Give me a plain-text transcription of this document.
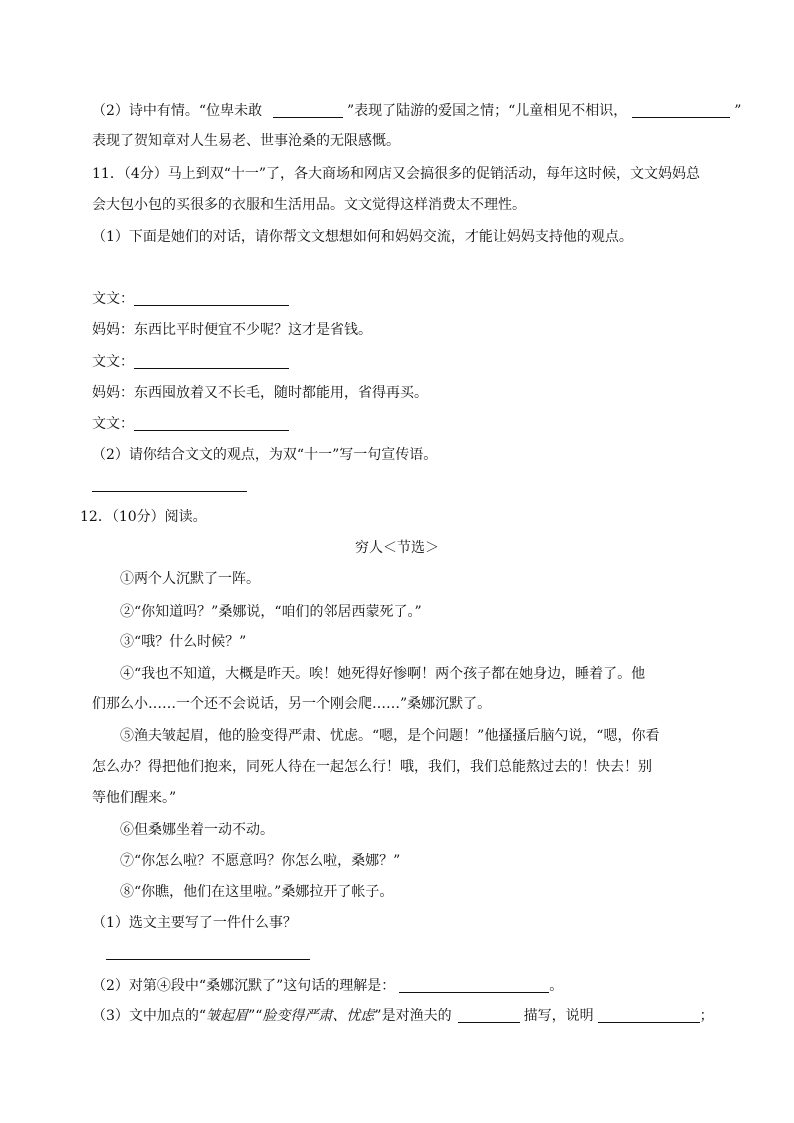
（2）诗中有情。“位卑未敢	”表现了陆游的爱国之情；“儿童相见不相识，	”
表现了贺知章对人生易老、世事沧桑的无限感慨。
11．（4分）马上到双“十一”了，各大商场和网店又会搞很多的促销活动，每年这时候，文文妈妈总
会大包小包的买很多的衣服和生活用品。文文觉得这样消费太不理性。
（1）下面是她们的对话，请你帮文文想想如何和妈妈交流，才能让妈妈支持他的观点。
文文：
妈妈：东西比平时便宜不少呢？这才是省钱。
文文：
妈妈：东西囤放着又不长毛，随时都能用，省得再买。
文文：
（2）请你结合文文的观点，为双“十一”写一句宣传语。
12．（10分）阅读。
穷人＜节选＞
①两个人沉默了一阵。
②“你知道吗？”桑娜说，“咱们的邻居西蒙死了。”
③“哦？什么时候？”
④“我也不知道，大概是昨天。唉！她死得好惨啊！两个孩子都在她身边，睡着了。他
们那么小……一个还不会说话，另一个刚会爬……”桑娜沉默了。
⑤渔夫皱起眉，他的脸变得严肃、忧虑。“嗯，是个问题！”他搔搔后脑勺说，“嗯，你看
怎么办？得把他们抱来，同死人待在一起怎么行！哦，我们，我们总能熬过去的！快去！别
等他们醒来。”
⑥但桑娜坐着一动不动。
⑦“你怎么啦？不愿意吗？你怎么啦，桑娜？”
⑧“你瞧，他们在这里啦。”桑娜拉开了帐子。
（1）选文主要写了一件什么事？
（2）对第④段中“桑娜沉默了”这句话的理解是：	。
（3）文中加点的“皱起眉”“脸变得严肃、忧虑”是对渔夫的	描写，说明	；
